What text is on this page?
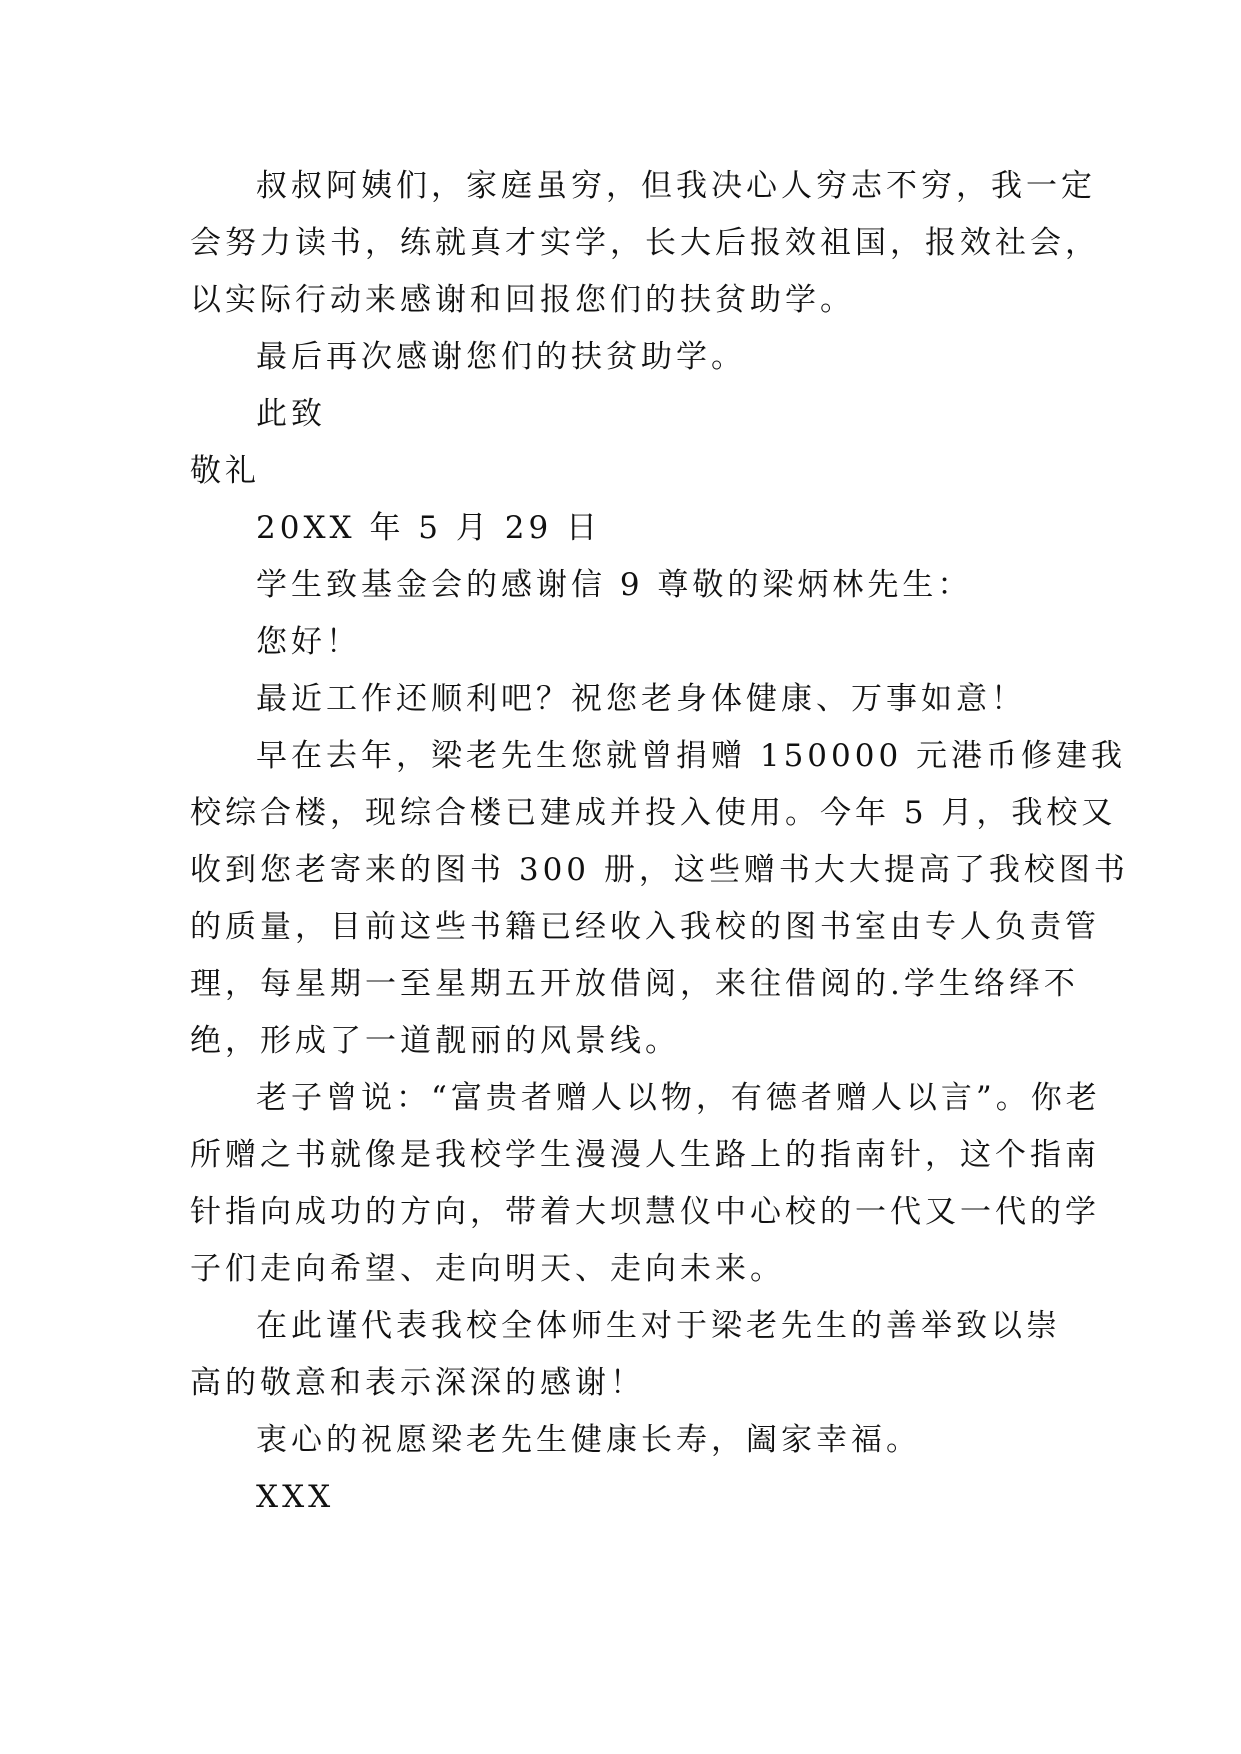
叔叔阿姨们，家庭虽穷，但我决心人穷志不穷，我一定
会努力读书，练就真才实学，长大后报效祖国，报效社会，
以实际行动来感谢和回报您们的扶贫助学。
最后再次感谢您们的扶贫助学。
此致
敬礼
20XX 年 5 月 29 日
学生致基金会的感谢信 9 尊敬的梁炳林先生：
您好！
最近工作还顺利吧？祝您老身体健康、万事如意！
早在去年，梁老先生您就曾捐赠 150000 元港币修建我
校综合楼，现综合楼已建成并投入使用。今年 5 月，我校又
收到您老寄来的图书 300 册，这些赠书大大提高了我校图书
的质量，目前这些书籍已经收入我校的图书室由专人负责管
理，每星期一至星期五开放借阅，来往借阅的.学生络绎不
绝，形成了一道靓丽的风景线。
老子曾说：“富贵者赠人以物，有德者赠人以言”。你老
所赠之书就像是我校学生漫漫人生路上的指南针，这个指南
针指向成功的方向，带着大坝慧仪中心校的一代又一代的学
子们走向希望、走向明天、走向未来。
在此谨代表我校全体师生对于梁老先生的善举致以崇
高的敬意和表示深深的感谢！
衷心的祝愿梁老先生健康长寿，阖家幸福。
XXX
